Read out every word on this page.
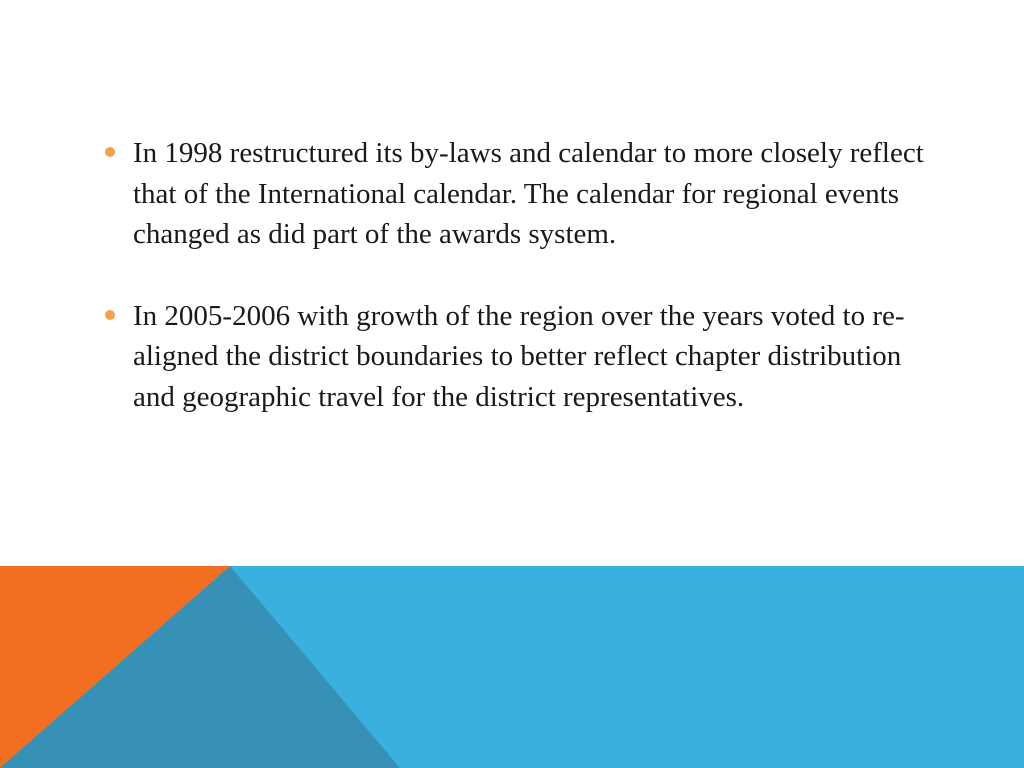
In 1998 restructured its by-laws and calendar to more closely reflect that of the International calendar. The calendar for regional events changed as did part of the awards system.
In 2005-2006 with growth of the region over the years voted to re-aligned the district boundaries to better reflect chapter distribution and geographic travel for the district representatives.
